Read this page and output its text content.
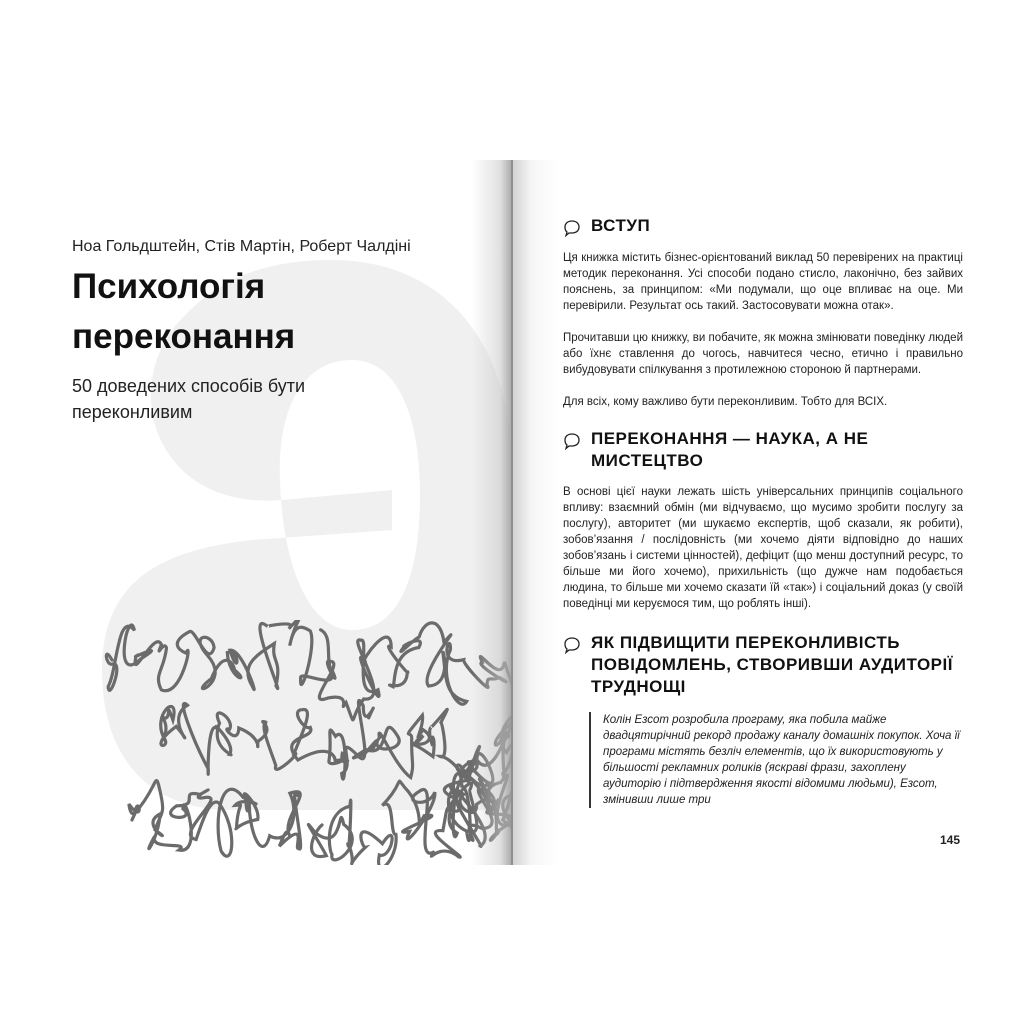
Ноа Гольдштейн, Стів Мартін, Роберт Чалдіні
Психологія
переконання
50 доведених способів бути
переконливим
ВСТУП

Ця книжка містить бізнес-орієнтований виклад 50 перевірених на практиці методик переконання. Усі способи подано стисло, лаконічно, без зайвих пояснень, за принципом: «Ми подумали, що оце впливає на оце. Ми перевірили. Результат ось такий. Застосовувати можна отак».

Прочитавши цю книжку, ви побачите, як можна змінювати поведінку людей або їхнє ставлення до чогось, навчитеся чесно, етично і правильно вибудовувати спілкування з протилежною стороною й партнерами.

Для всіх, кому важливо бути переконливим. Тобто для ВСІХ.

ПЕРЕКОНАННЯ — НАУКА, А НЕ МИСТЕЦТВО

В основі цієї науки лежать шість універсальних принципів соціального впливу: взаємний обмін (ми відчуваємо, що мусимо зробити послугу за послугу), авторитет (ми шукаємо експертів, щоб сказали, як робити), зобов’язання / послідовність (ми хочемо діяти відповідно до наших зобов’язань і системи цінностей), дефіцит (що менш доступний ресурс, то більше ми його хочемо), прихильність (що дужче нам подобається людина, то більше ми хочемо сказати їй «так») і соціальний доказ (у своїй поведінці ми керуємося тим, що роблять інші).

ЯК ПІДВИЩИТИ ПЕРЕКОНЛИВІСТЬ
ПОВІДОМЛЕНЬ, СТВОРИВШИ АУДИТОРІЇ
ТРУДНОЩІ

Колін Езсот розробила програму, яка побила майже двадцятирічний рекорд продажу каналу домашніх покупок. Хоча її програми містять безліч елементів, що їх використовують у більшості рекламних роликів (яскраві фрази, захоплену аудиторію і підтвердження якості відомими людьми), Езсот, змінивши лише три

145
